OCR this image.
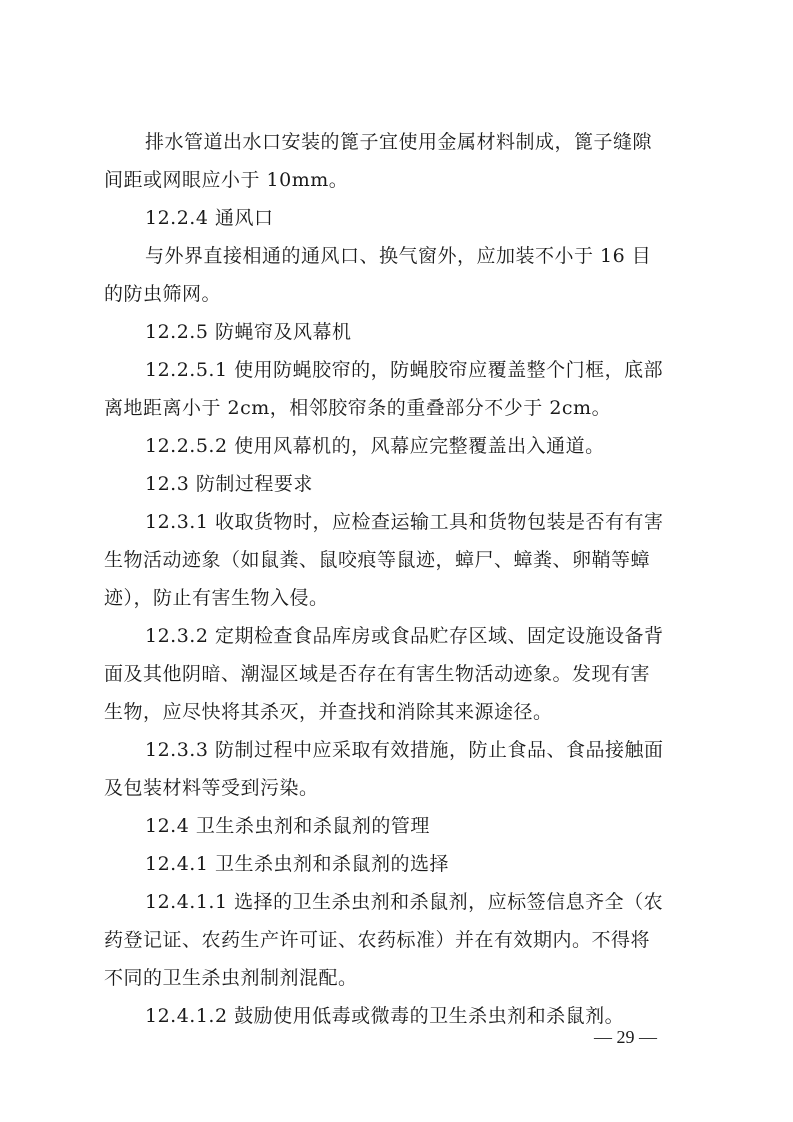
排水管道出水口安装的篦子宜使用金属材料制成，篦子缝隙
间距或网眼应小于 10mm。
12.2.4 通风口
与外界直接相通的通风口、换气窗外，应加装不小于 16 目
的防虫筛网。
12.2.5 防蝇帘及风幕机
12.2.5.1 使用防蝇胶帘的，防蝇胶帘应覆盖整个门框，底部
离地距离小于 2cm，相邻胶帘条的重叠部分不少于 2cm。
12.2.5.2 使用风幕机的，风幕应完整覆盖出入通道。
12.3 防制过程要求
12.3.1 收取货物时，应检查运输工具和货物包装是否有有害
生物活动迹象（如鼠粪、鼠咬痕等鼠迹，蟑尸、蟑粪、卵鞘等蟑
迹），防止有害生物入侵。
12.3.2 定期检查食品库房或食品贮存区域、固定设施设备背
面及其他阴暗、潮湿区域是否存在有害生物活动迹象。发现有害
生物，应尽快将其杀灭，并查找和消除其来源途径。
12.3.3 防制过程中应采取有效措施，防止食品、食品接触面
及包装材料等受到污染。
12.4 卫生杀虫剂和杀鼠剂的管理
12.4.1 卫生杀虫剂和杀鼠剂的选择
12.4.1.1 选择的卫生杀虫剂和杀鼠剂，应标签信息齐全（农
药登记证、农药生产许可证、农药标准）并在有效期内。不得将
不同的卫生杀虫剂制剂混配。
12.4.1.2 鼓励使用低毒或微毒的卫生杀虫剂和杀鼠剂。
— 29 —
